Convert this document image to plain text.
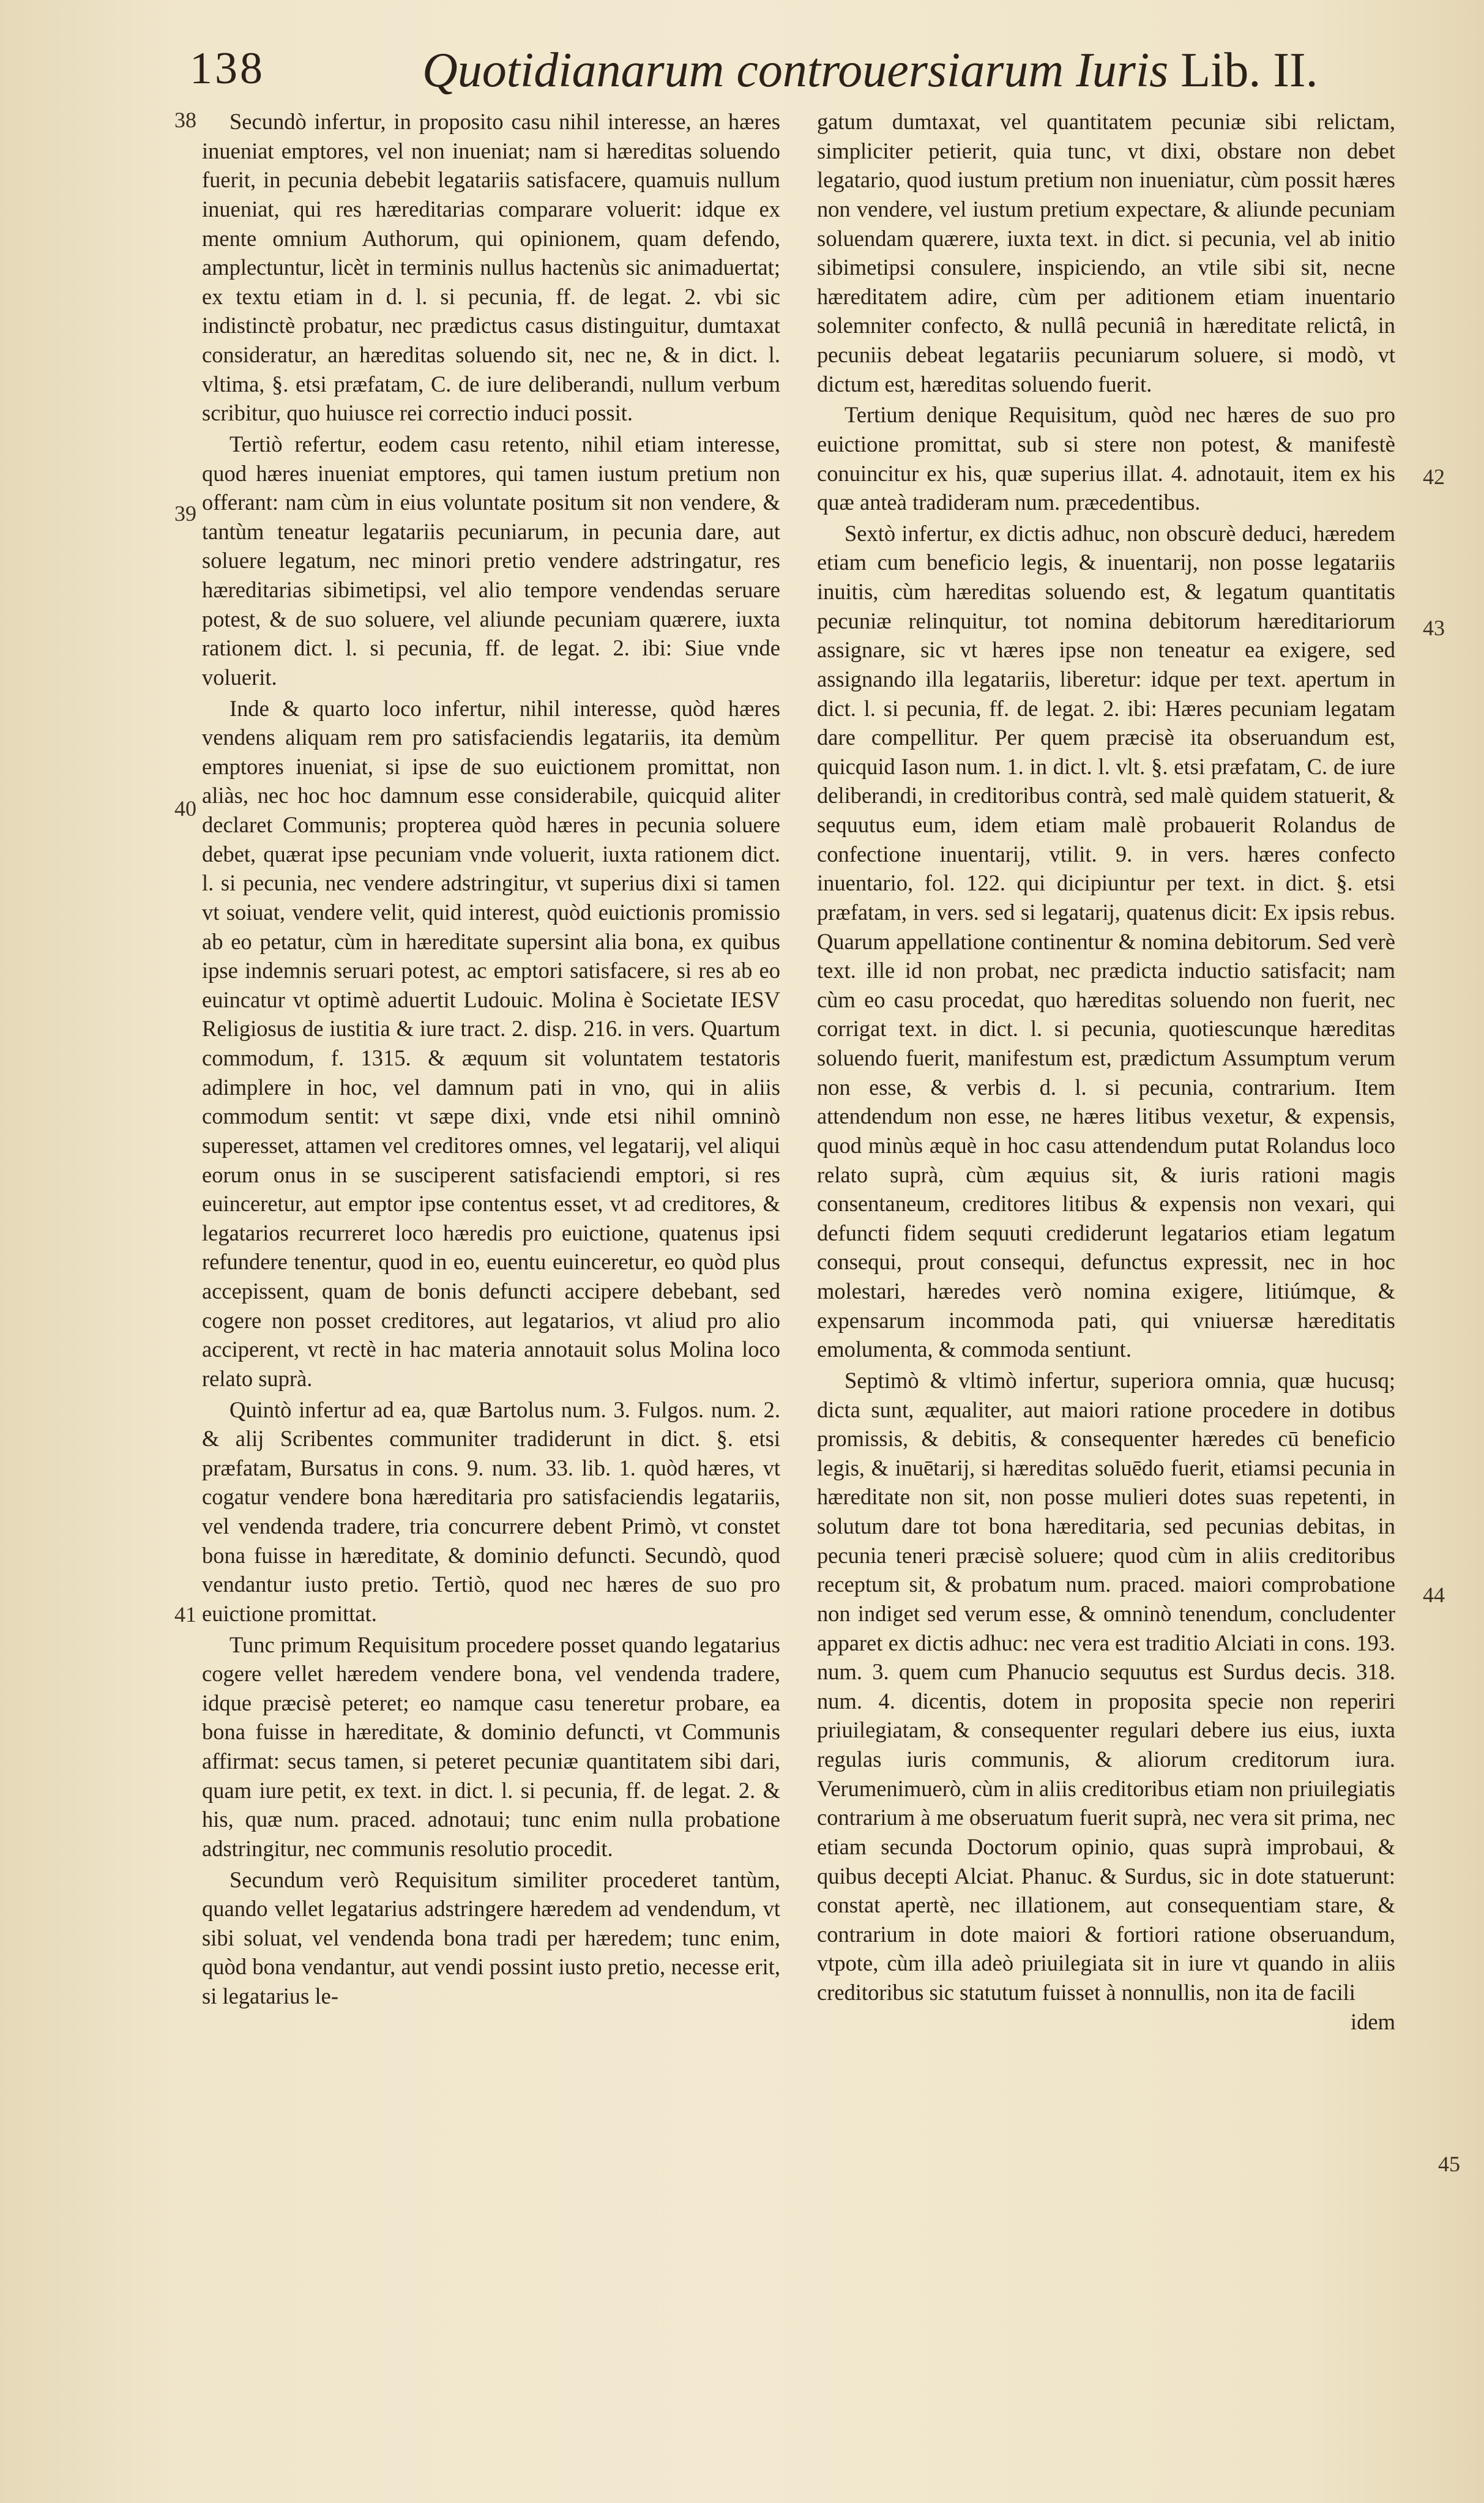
138	Quotidianarum controuersiarum Iuris Lib. II.
38
39
40
41
42
43
44
45

Secundò infertur, in proposito casu nihil interesse, an hæres inueniat emptores, vel non inueniat; nam si hæreditas soluendo fuerit, in pecunia debebit legatariis satisfacere, quamuis nullum inueniat, qui res hæreditarias comparare voluerit: idque ex mente omnium Authorum, qui opinionem, quam defendo, amplectuntur, licèt in terminis nullus hactenùs sic animaduertat; ex textu etiam in d. l. si pecunia, ff. de legat. 2. vbi sic indistinctè probatur, nec prædictus casus distinguitur, dumtaxat consideratur, an hæreditas soluendo sit, nec ne, & in dict. l. vltima, §. etsi præfatam, C. de iure deliberandi, nullum verbum scribitur, quo huiusce rei correctio induci possit.

Tertiò refertur, eodem casu retento, nihil etiam interesse, quod hæres inueniat emptores, qui tamen iustum pretium non offerant: nam cùm in eius voluntate positum sit non vendere, & tantùm teneatur legatariis pecuniarum, in pecunia dare, aut soluere legatum, nec minori pretio vendere adstringatur, res hæreditarias sibimetipsi, vel alio tempore vendendas seruare potest, & de suo soluere, vel aliunde pecuniam quærere, iuxta rationem dict. l. si pecunia, ff. de legat. 2. ibi: Siue vnde voluerit.

Inde & quarto loco infertur, nihil interesse, quòd hæres vendens aliquam rem pro satisfaciendis legatariis, ita demùm emptores inueniat, si ipse de suo euictionem promittat, non aliàs, nec hoc hoc damnum esse considerabile, quicquid aliter declaret Communis; propterea quòd hæres in pecunia soluere debet, quærat ipse pecuniam vnde voluerit, iuxta rationem dict. l. si pecunia, nec vendere adstringitur, vt superius dixi si tamen vt soiuat, vendere velit, quid interest, quòd euictionis promissio ab eo petatur, cùm in hæreditate supersint alia bona, ex quibus ipse indemnis seruari potest, ac emptori satisfacere, si res ab eo euincatur vt optimè aduertit Ludouic. Molina è Societate IESV Religiosus de iustitia & iure tract. 2. disp. 216. in vers. Quartum commodum, f. 1315. & æquum sit voluntatem testatoris adimplere in hoc, vel damnum pati in vno, qui in aliis commodum sentit: vt sæpe dixi, vnde etsi nihil omninò superesset, attamen vel creditores omnes, vel legatarij, vel aliqui eorum onus in se susciperent satisfaciendi emptori, si res euinceretur, aut emptor ipse contentus esset, vt ad creditores, & legatarios recurreret loco hæredis pro euictione, quatenus ipsi refundere tenentur, quod in eo, euentu euinceretur, eo quòd plus accepissent, quam de bonis defuncti accipere debebant, sed cogere non posset creditores, aut legatarios, vt aliud pro alio acciperent, vt rectè in hac materia annotauit solus Molina loco relato suprà.

Quintò infertur ad ea, quæ Bartolus num. 3. Fulgos. num. 2. & alij Scribentes communiter tradiderunt in dict. §. etsi præfatam, Bursatus in cons. 9. num. 33. lib. 1. quòd hæres, vt cogatur vendere bona hæreditaria pro satisfaciendis legatariis, vel vendenda tradere, tria concurrere debent Primò, vt constet bona fuisse in hæreditate, & dominio defuncti. Secundò, quod vendantur iusto pretio. Tertiò, quod nec hæres de suo pro euictione promittat.

Tunc primum Requisitum procedere posset quando legatarius cogere vellet hæredem vendere bona, vel vendenda tradere, idque præcisè peteret; eo namque casu teneretur probare, ea bona fuisse in hæreditate, & dominio defuncti, vt Communis affirmat: secus tamen, si peteret pecuniæ quantitatem sibi dari, quam iure petit, ex text. in dict. l. si pecunia, ff. de legat. 2. & his, quæ num. praced. adnotaui; tunc enim nulla probatione adstringitur, nec communis resolutio procedit.

Secundum verò Requisitum similiter procederet tantùm, quando vellet legatarius adstringere hæredem ad vendendum, vt sibi soluat, vel vendenda bona tradi per hæredem; tunc enim, quòd bona vendantur, aut vendi possint iusto pretio, necesse erit, si legatarius le-

gatum dumtaxat, vel quantitatem pecuniæ sibi relictam, simpliciter petierit, quia tunc, vt dixi, obstare non debet legatario, quod iustum pretium non inueniatur, cùm possit hæres non vendere, vel iustum pretium expectare, & aliunde pecuniam soluendam quærere, iuxta text. in dict. si pecunia, vel ab initio sibimetipsi consulere, inspiciendo, an vtile sibi sit, necne hæreditatem adire, cùm per aditionem etiam inuentario solemniter confecto, & nullâ pecuniâ in hæreditate relictâ, in pecuniis debeat legatariis pecuniarum soluere, si modò, vt dictum est, hæreditas soluendo fuerit.

Tertium denique Requisitum, quòd nec hæres de suo pro euictione promittat, sub si stere non potest, & manifestè conuincitur ex his, quæ superius illat. 4. adnotauit, item ex his quæ anteà tradideram num. præcedentibus.

Sextò infertur, ex dictis adhuc, non obscurè deduci, hæredem etiam cum beneficio legis, & inuentarij, non posse legatariis inuitis, cùm hæreditas soluendo est, & legatum quantitatis pecuniæ relinquitur, tot nomina debitorum hæreditariorum assignare, sic vt hæres ipse non teneatur ea exigere, sed assignando illa legatariis, liberetur: idque per text. apertum in dict. l. si pecunia, ff. de legat. 2. ibi: Hæres pecuniam legatam dare compellitur. Per quem præcisè ita obseruandum est, quicquid Iason num. 1. in dict. l. vlt. §. etsi præfatam, C. de iure deliberandi, in creditoribus contrà, sed malè quidem statuerit, & sequutus eum, idem etiam malè probauerit Rolandus de confectione inuentarij, vtilit. 9. in vers. hæres confecto inuentario, fol. 122. qui dicipiuntur per text. in dict. §. etsi præfatam, in vers. sed si legatarij, quatenus dicit: Ex ipsis rebus. Quarum appellatione continentur & nomina debitorum. Sed verè text. ille id non probat, nec prædicta inductio satisfacit; nam cùm eo casu procedat, quo hæreditas soluendo non fuerit, nec corrigat text. in dict. l. si pecunia, quotiescunque hæreditas soluendo fuerit, manifestum est, prædictum Assumptum verum non esse, & verbis d. l. si pecunia, contrarium. Item attendendum non esse, ne hæres litibus vexetur, & expensis, quod minùs æquè in hoc casu attendendum putat Rolandus loco relato suprà, cùm æquius sit, & iuris rationi magis consentaneum, creditores litibus & expensis non vexari, qui defuncti fidem sequuti crediderunt legatarios etiam legatum consequi, prout consequi, defunctus expressit, nec in hoc molestari, hæredes verò nomina exigere, litiúmque, & expensarum incommoda pati, qui vniuersæ hæreditatis emolumenta, & commoda sentiunt.

Septimò & vltimò infertur, superiora omnia, quæ hucusq; dicta sunt, æqualiter, aut maiori ratione procedere in dotibus promissis, & debitis, & consequenter hæredes cū beneficio legis, & inuētarij, si hæreditas soluēdo fuerit, etiamsi pecunia in hæreditate non sit, non posse mulieri dotes suas repetenti, in solutum dare tot bona hæreditaria, sed pecunias debitas, in pecunia teneri præcisè soluere; quod cùm in aliis creditoribus receptum sit, & probatum num. praced. maiori comprobatione non indiget sed verum esse, & omninò tenendum, concludenter apparet ex dictis adhuc: nec vera est traditio Alciati in cons. 193. num. 3. quem cum Phanucio sequutus est Surdus decis. 318. num. 4. dicentis, dotem in proposita specie non reperiri priuilegiatam, & consequenter regulari debere ius eius, iuxta regulas iuris communis, & aliorum creditorum iura. Verumenimuerò, cùm in aliis creditoribus etiam non priuilegiatis contrarium à me obseruatum fuerit suprà, nec vera sit prima, nec etiam secunda Doctorum opinio, quas suprà improbaui, & quibus decepti Alciat. Phanuc. & Surdus, sic in dote statuerunt: constat apertè, nec illationem, aut consequentiam stare, & contrarium in dote maiori & fortiori ratione obseruandum, vtpote, cùm illa adeò priuilegiata sit in iure vt quando in aliis creditoribus sic statutum fuisset à nonnullis, non ita de facili

idem
